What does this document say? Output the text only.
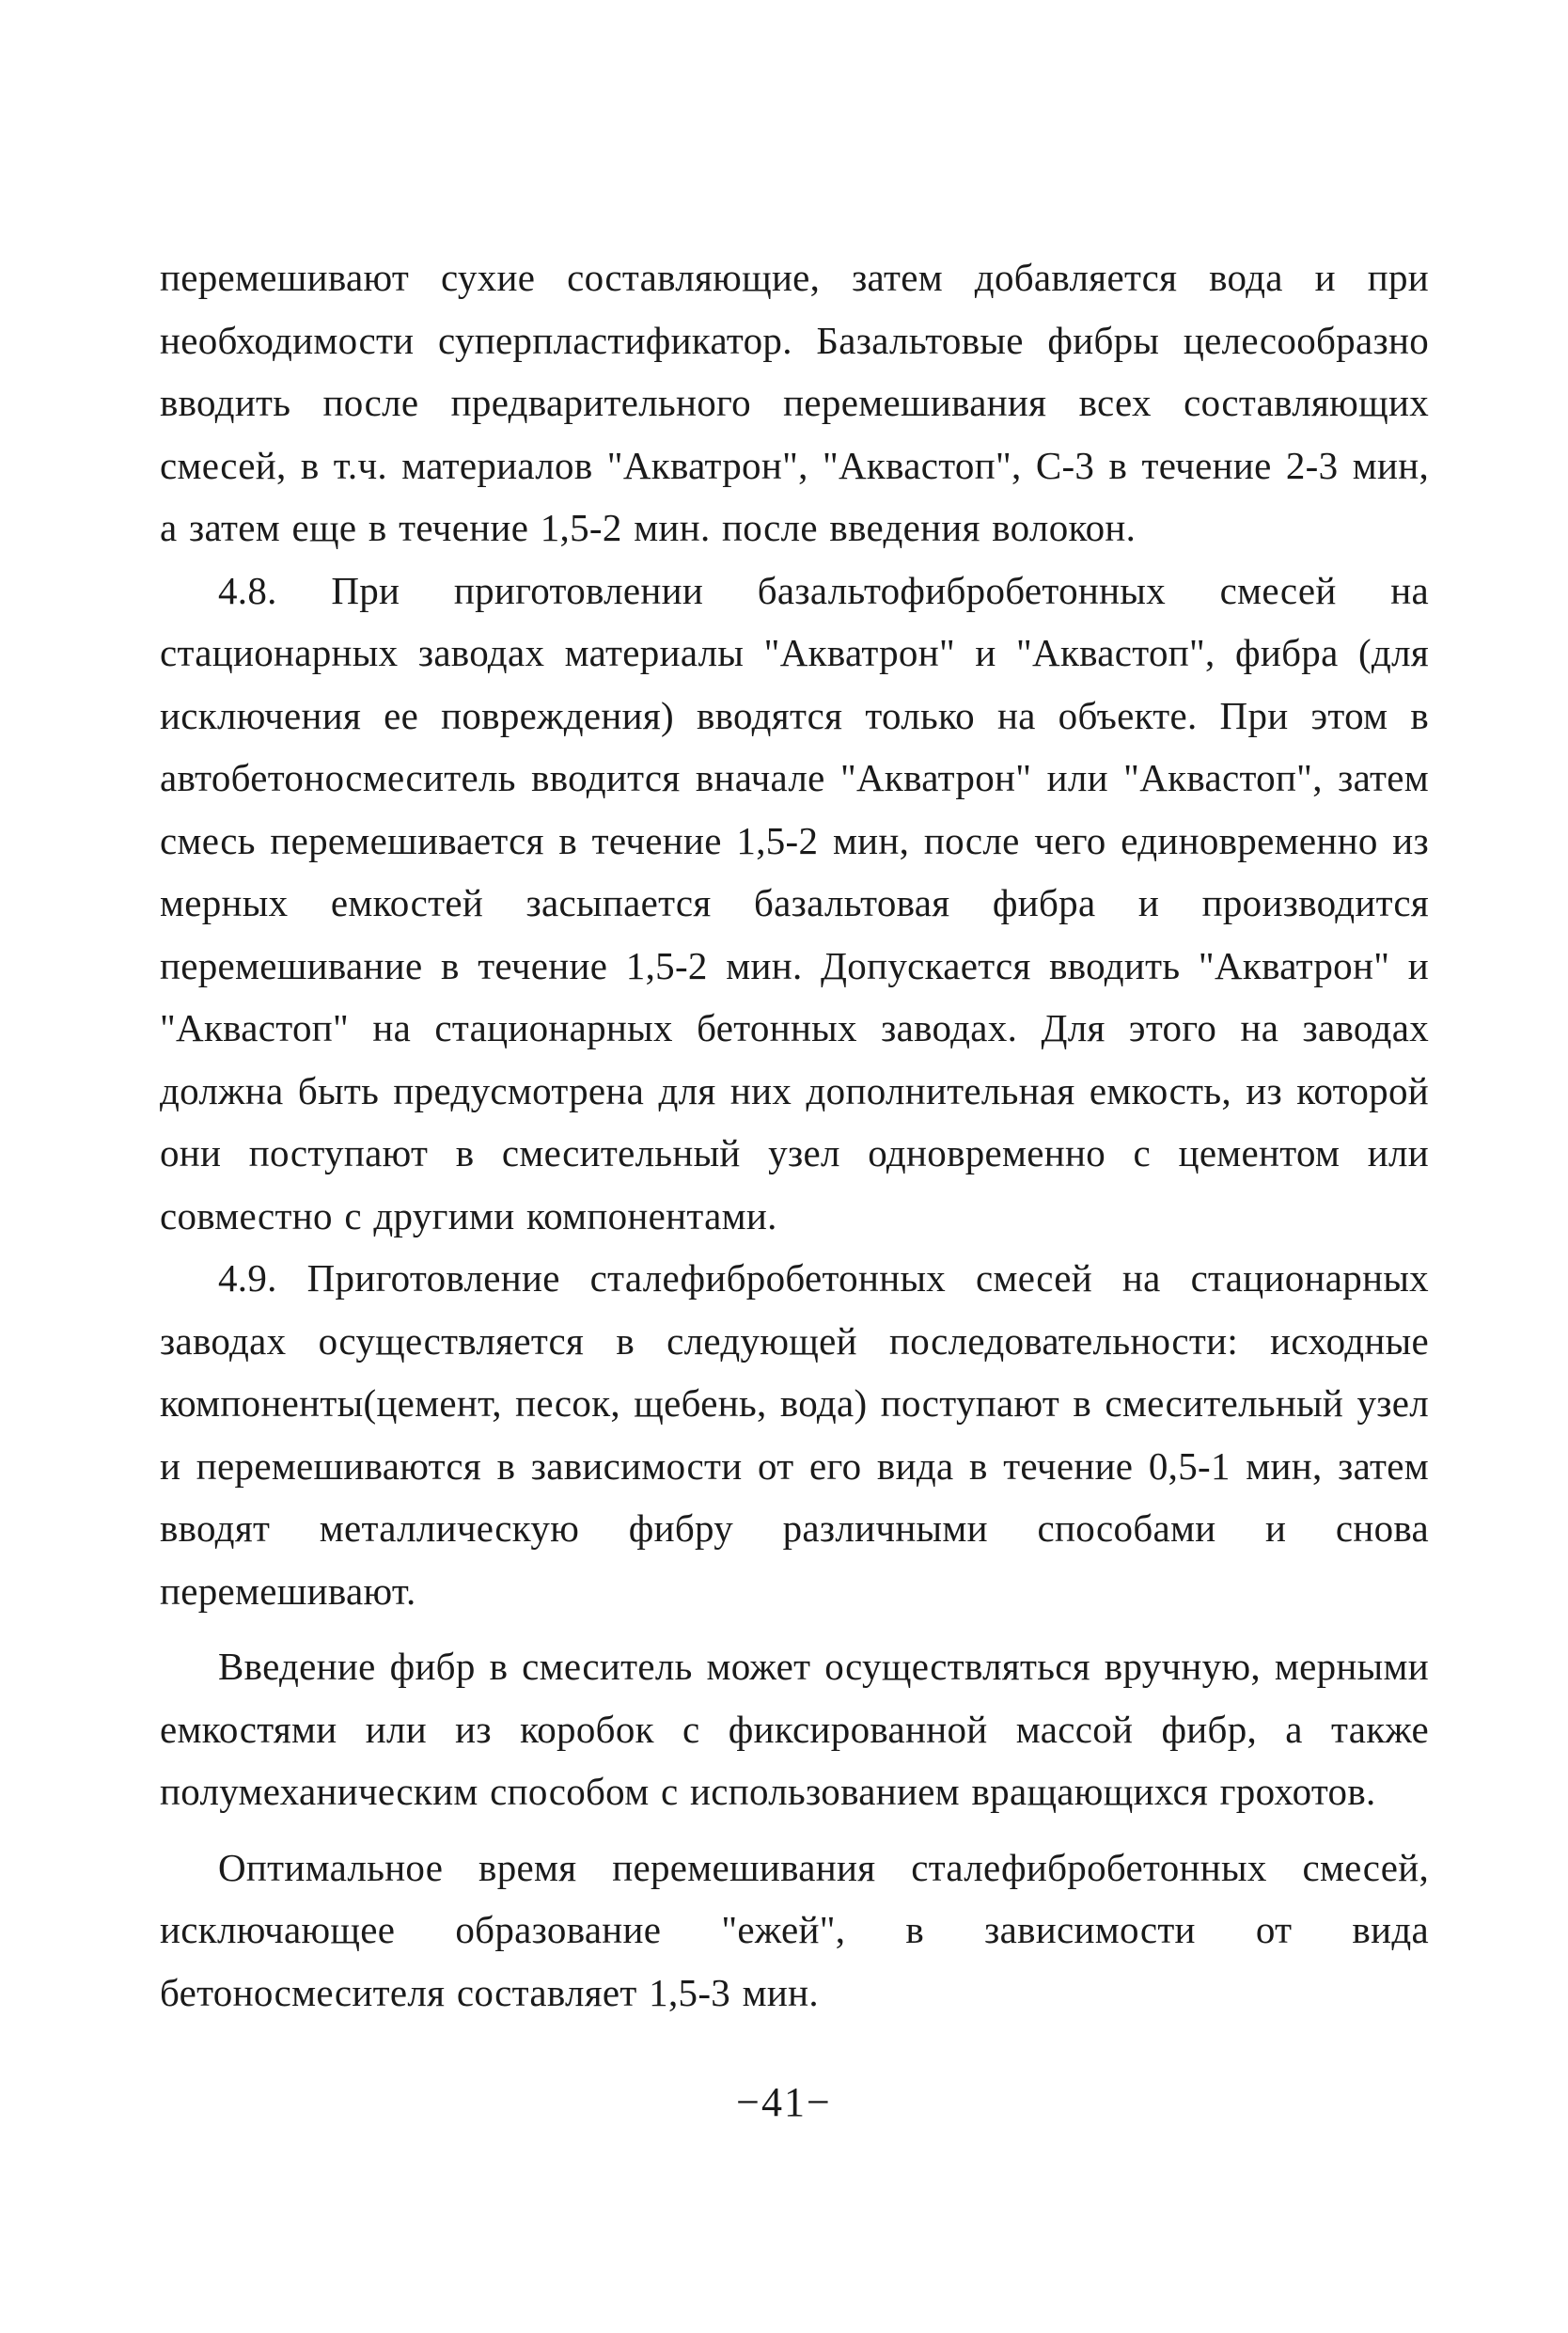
перемешивают сухие составляющие, затем добавляется вода и при необходимости суперпластификатор. Базальтовые фибры целесообразно вводить после предварительного перемешивания всех составляющих смесей, в т.ч. материалов "Акватрон", "Аквастоп", С-3 в течение 2-3 мин, а затем еще в течение 1,5-2 мин. после введения волокон.

4.8. При приготовлении базальтофибробетонных смесей на стационарных заводах материалы "Акватрон" и "Аквастоп", фибра (для исключения ее повреждения) вводятся только на объекте. При этом в автобетоносмеситель вводится вначале "Акватрон" или "Аквастоп", затем смесь перемешивается в течение 1,5-2 мин, после чего единовременно из мерных емкостей засыпается базальтовая фибра и производится перемешивание в течение 1,5-2 мин. Допускается вводить "Акватрон" и "Аквастоп" на стационарных бетонных заводах. Для этого на заводах должна быть предусмотрена для них дополнительная емкость, из которой они поступают в смесительный узел одновременно с цементом или совместно с другими компонентами.

4.9. Приготовление сталефибробетонных смесей на стационарных заводах осуществляется в следующей последовательности: исходные компоненты(цемент, песок, щебень, вода) поступают в смесительный узел и перемешиваются в зависимости от его вида в течение 0,5-1 мин, затем вводят металлическую фибру различными способами и снова перемешивают.

Введение фибр в смеситель может осуществляться вручную, мерными емкостями или из коробок с фиксированной массой фибр, а также полумеханическим способом с использованием вращающихся грохотов.

Оптимальное время перемешивания сталефибробетонных смесей, исключающее образование "ежей", в зависимости от вида бетоносмесителя составляет 1,5-3 мин.

−41−
